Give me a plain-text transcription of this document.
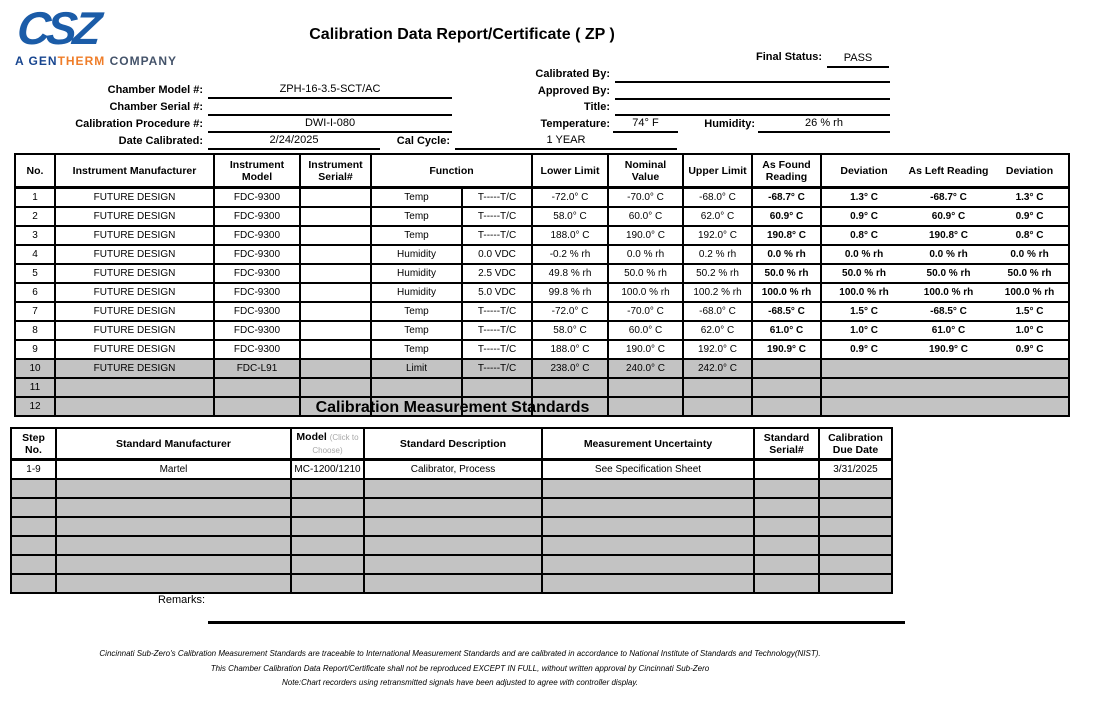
CSZ
A GENTHERM COMPANY
Calibration Data Report/Certificate ( ZP )
Final Status:	PASS
Chamber Model #:	ZPH-16-3.5-SCT/AC
Chamber Serial #:
Calibration Procedure #:	DWI-I-080
Date Calibrated:	2/24/2025	Cal Cycle:	1 YEAR
Calibrated By:
Approved By:
Title:
Temperature:	74° F	Humidity:	26 % rh
No.	Instrument Manufacturer	Instrument Model	Instrument Serial#	Function		Lower Limit	Nominal Value	Upper Limit	As Found Reading	Deviation	As Left Reading	Deviation
1	FUTURE DESIGN	FDC-9300		Temp	T-----T/C	-72.0° C	-70.0° C	-68.0° C	-68.7° C	1.3° C	-68.7° C	1.3° C
2	FUTURE DESIGN	FDC-9300		Temp	T-----T/C	58.0° C	60.0° C	62.0° C	60.9° C	0.9° C	60.9° C	0.9° C
3	FUTURE DESIGN	FDC-9300		Temp	T-----T/C	188.0° C	190.0° C	192.0° C	190.8° C	0.8° C	190.8° C	0.8° C
4	FUTURE DESIGN	FDC-9300		Humidity	0.0 VDC	-0.2 % rh	0.0 % rh	0.2 % rh	0.0 % rh	0.0 % rh	0.0 % rh	0.0 % rh
5	FUTURE DESIGN	FDC-9300		Humidity	2.5 VDC	49.8 % rh	50.0 % rh	50.2 % rh	50.0 % rh	50.0 % rh	50.0 % rh	50.0 % rh
6	FUTURE DESIGN	FDC-9300		Humidity	5.0 VDC	99.8 % rh	100.0 % rh	100.2 % rh	100.0 % rh	100.0 % rh	100.0 % rh	100.0 % rh
7	FUTURE DESIGN	FDC-9300		Temp	T-----T/C	-72.0° C	-70.0° C	-68.0° C	-68.5° C	1.5° C	-68.5° C	1.5° C
8	FUTURE DESIGN	FDC-9300		Temp	T-----T/C	58.0° C	60.0° C	62.0° C	61.0° C	1.0° C	61.0° C	1.0° C
9	FUTURE DESIGN	FDC-9300		Temp	T-----T/C	188.0° C	190.0° C	192.0° C	190.9° C	0.9° C	190.9° C	0.9° C
10	FUTURE DESIGN	FDC-L91		Limit	T-----T/C	238.0° C	240.0° C	242.0° C				
11												
12													Calibration Measurement Standards
Step No.	Standard Manufacturer	Model (Click to Choose)	Standard Description	Measurement Uncertainty	Standard Serial#	Calibration Due Date
1-9	Martel	MC-1200/1210	Calibrator, Process	See Specification Sheet		3/31/2025

Remarks:
Cincinnati Sub-Zero's Calibration Measurement Standards are traceable to International Measurement Standards and are calibrated in accordance to National Institute of Standards and Technology(NIST).
This Chamber Calibration Data Report/Certificate shall not be reproduced EXCEPT IN FULL, without written approval by Cincinnati Sub-Zero
Note:Chart recorders using retransmitted signals have been adjusted to agree with controller display.
